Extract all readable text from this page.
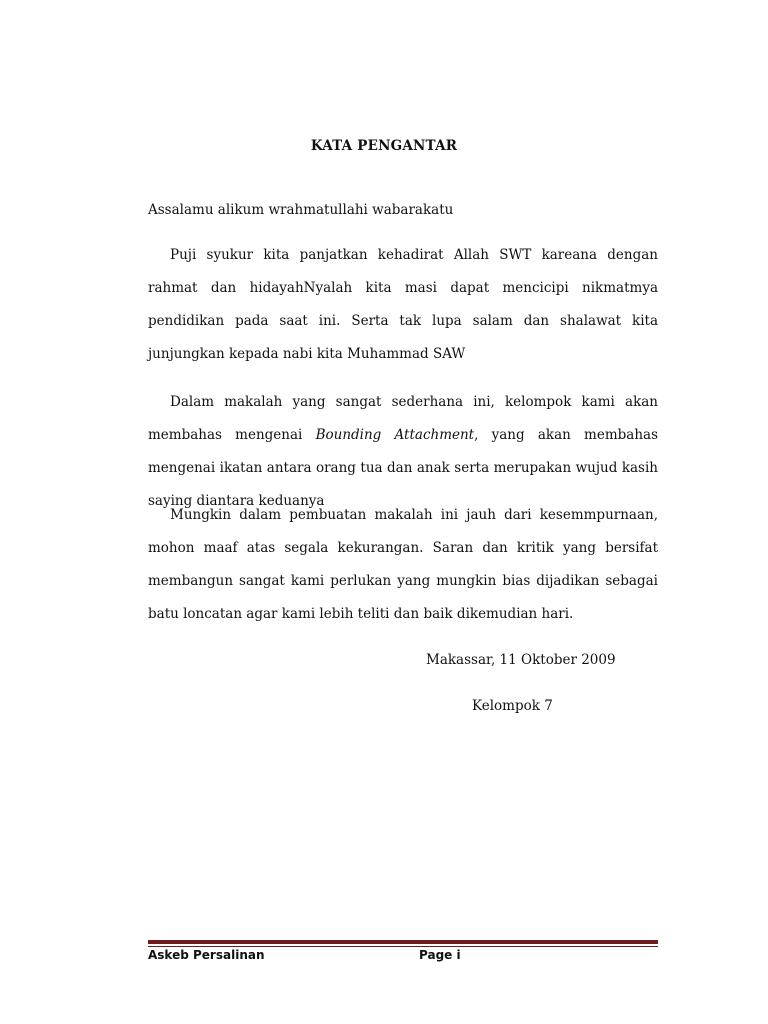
KATA PENGANTAR
Assalamu alikum wrahmatullahi wabarakatu
Puji syukur kita panjatkan kehadirat Allah SWT kareana dengan rahmat dan hidayahNyalah kita masi dapat mencicipi nikmatmya pendidikan pada saat ini. Serta tak lupa salam dan shalawat kita junjungkan kepada nabi kita Muhammad SAW
Dalam makalah yang sangat sederhana ini, kelompok kami akan membahas mengenai Bounding Attachment, yang akan membahas mengenai ikatan antara orang tua dan anak serta merupakan wujud kasih saying diantara keduanya
Mungkin dalam pembuatan makalah ini jauh dari kesemmpurnaan, mohon maaf atas segala kekurangan. Saran dan kritik yang bersifat membangun sangat kami perlukan yang mungkin bias dijadikan sebagai batu loncatan agar kami lebih teliti dan baik dikemudian hari.
Makassar, 11 Oktober 2009
Kelompok 7
Askeb Persalinan	Page i
